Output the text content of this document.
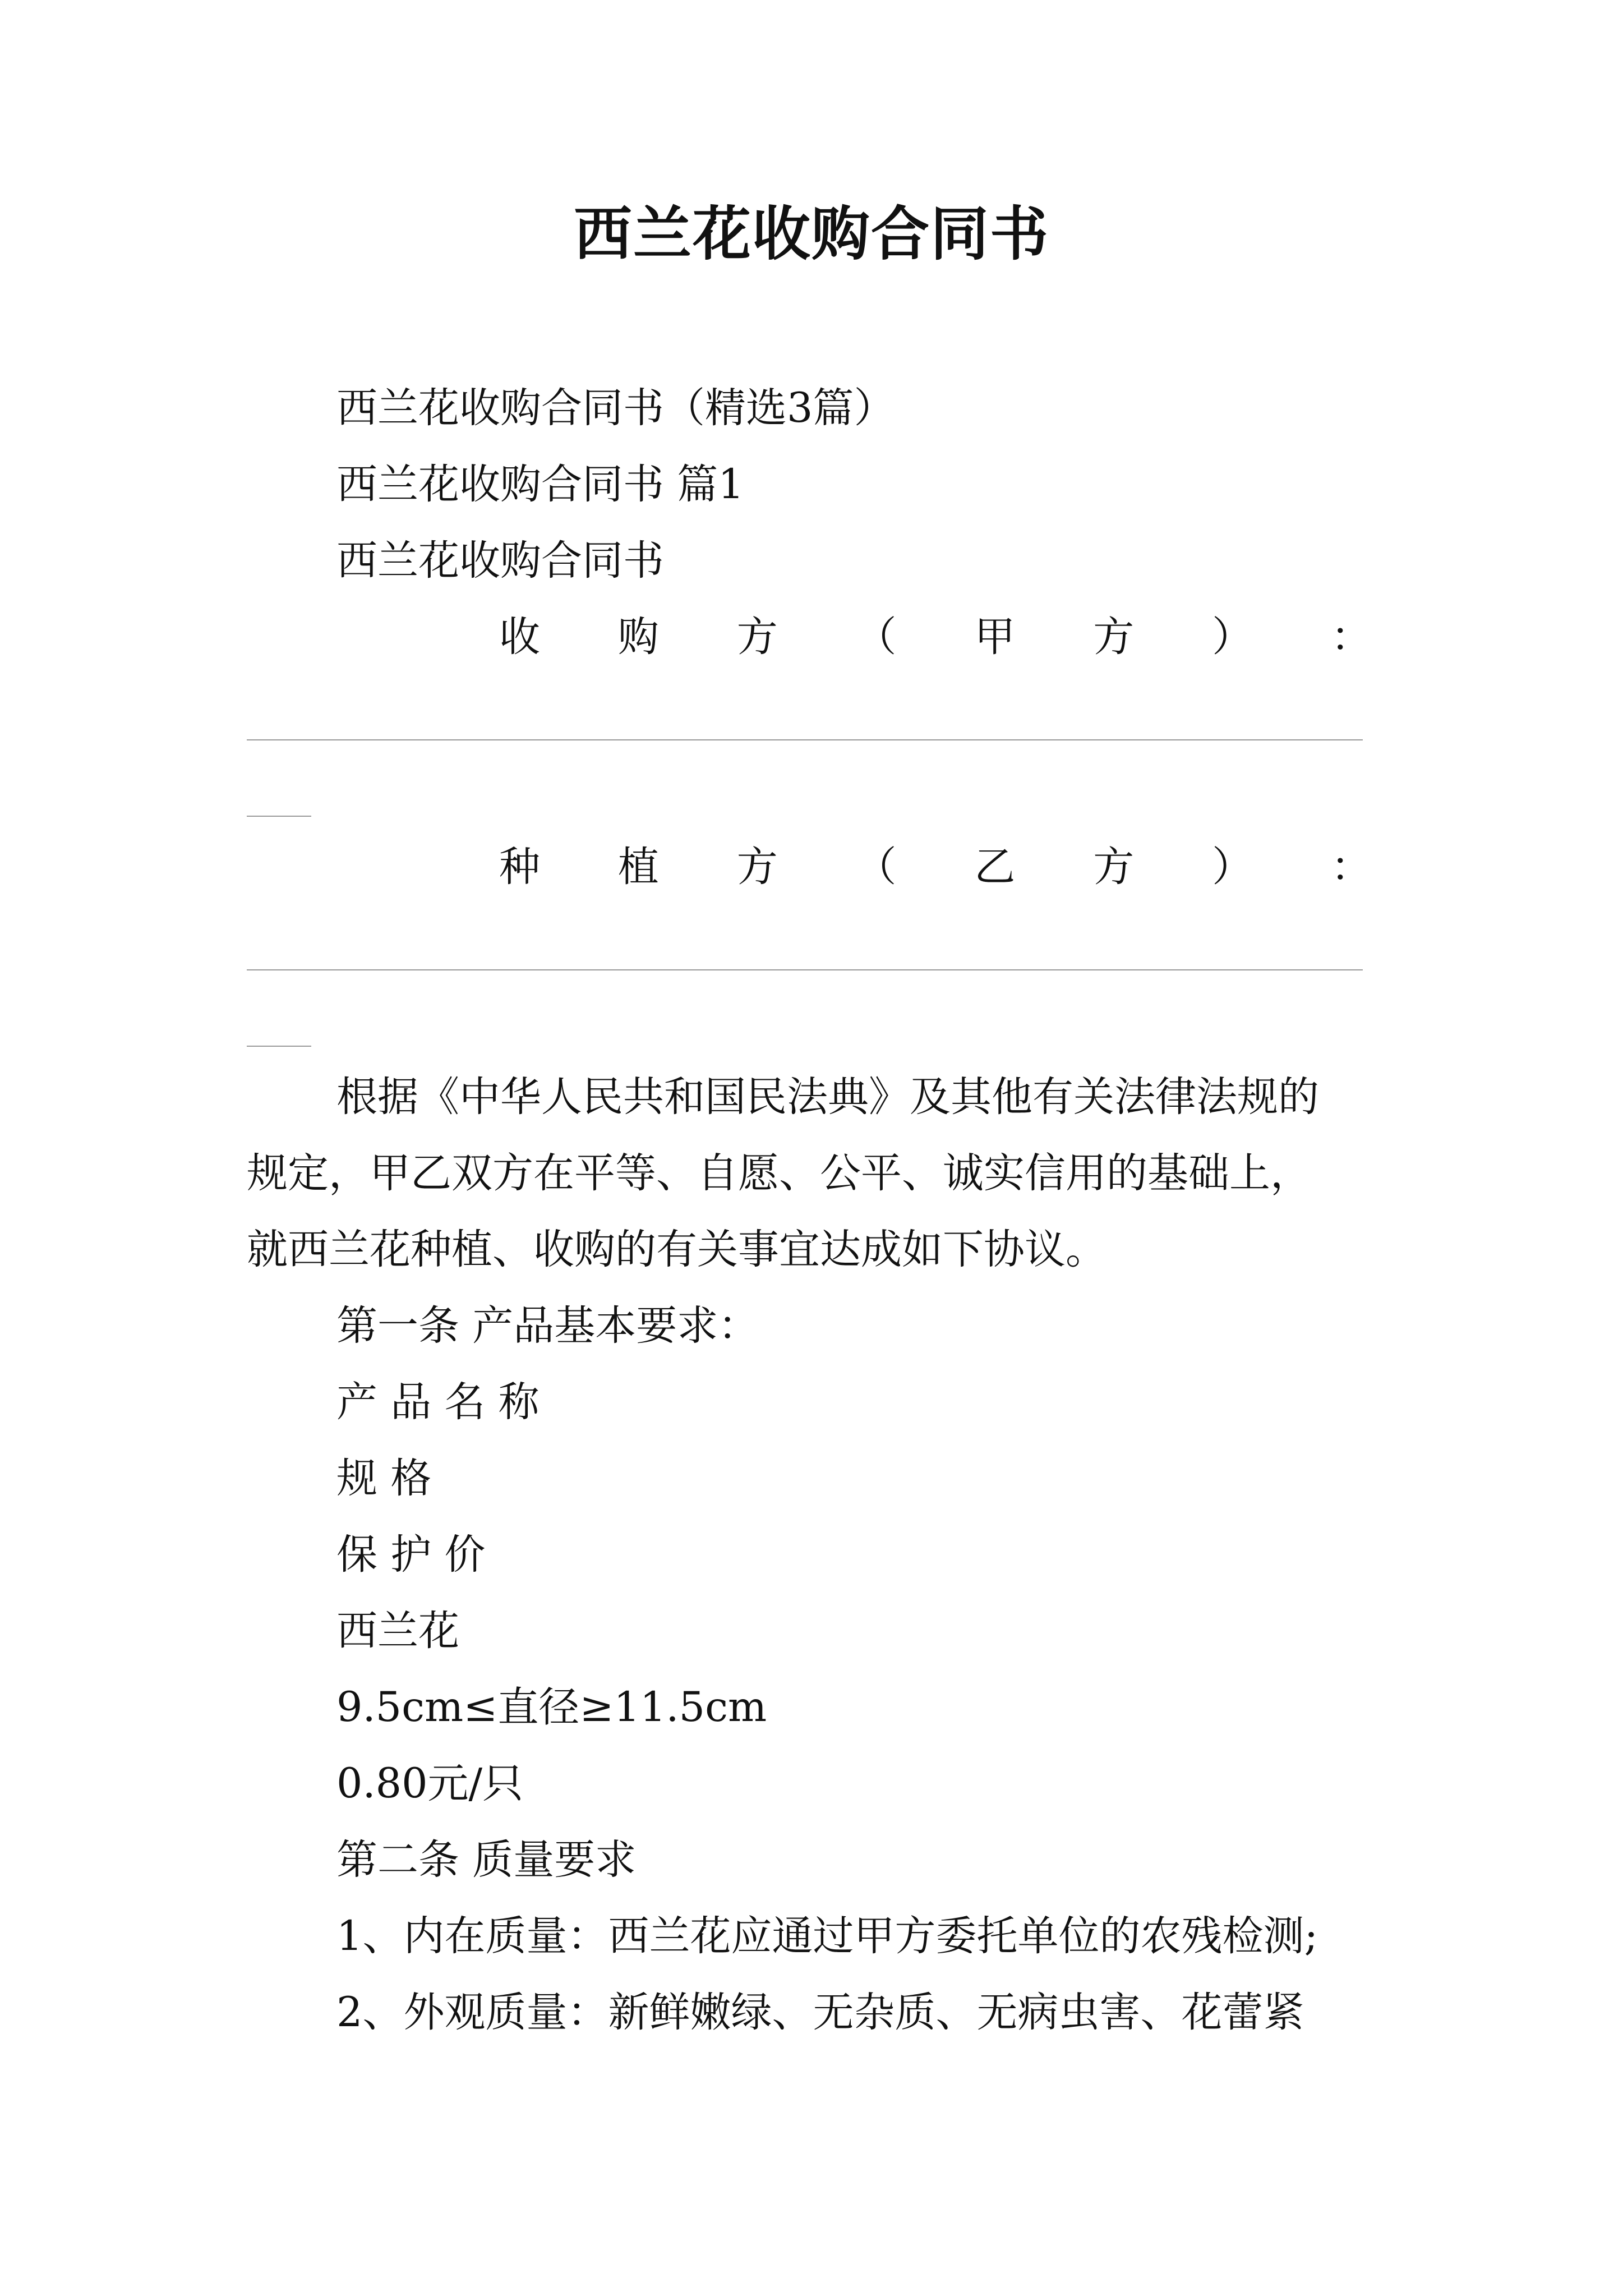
西兰花收购合同书
西兰花收购合同书（精选3篇）
西兰花收购合同书 篇1
西兰花收购合同书
收 购 方 （ 甲 方 ） ：
种 植 方 （ 乙 方 ） ：
根据《中华人民共和国民法典》及其他有关法律法规的
规定，甲乙双方在平等、自愿、公平、诚实信用的基础上，
就西兰花种植、收购的有关事宜达成如下协议。
第一条 产品基本要求：
产 品 名 称
规 格
保 护 价
西兰花
9.5cm≤直径≥11.5cm
0.80元/只
第二条 质量要求
1、内在质量：西兰花应通过甲方委托单位的农残检测;
2、外观质量：新鲜嫩绿、无杂质、无病虫害、花蕾紧
